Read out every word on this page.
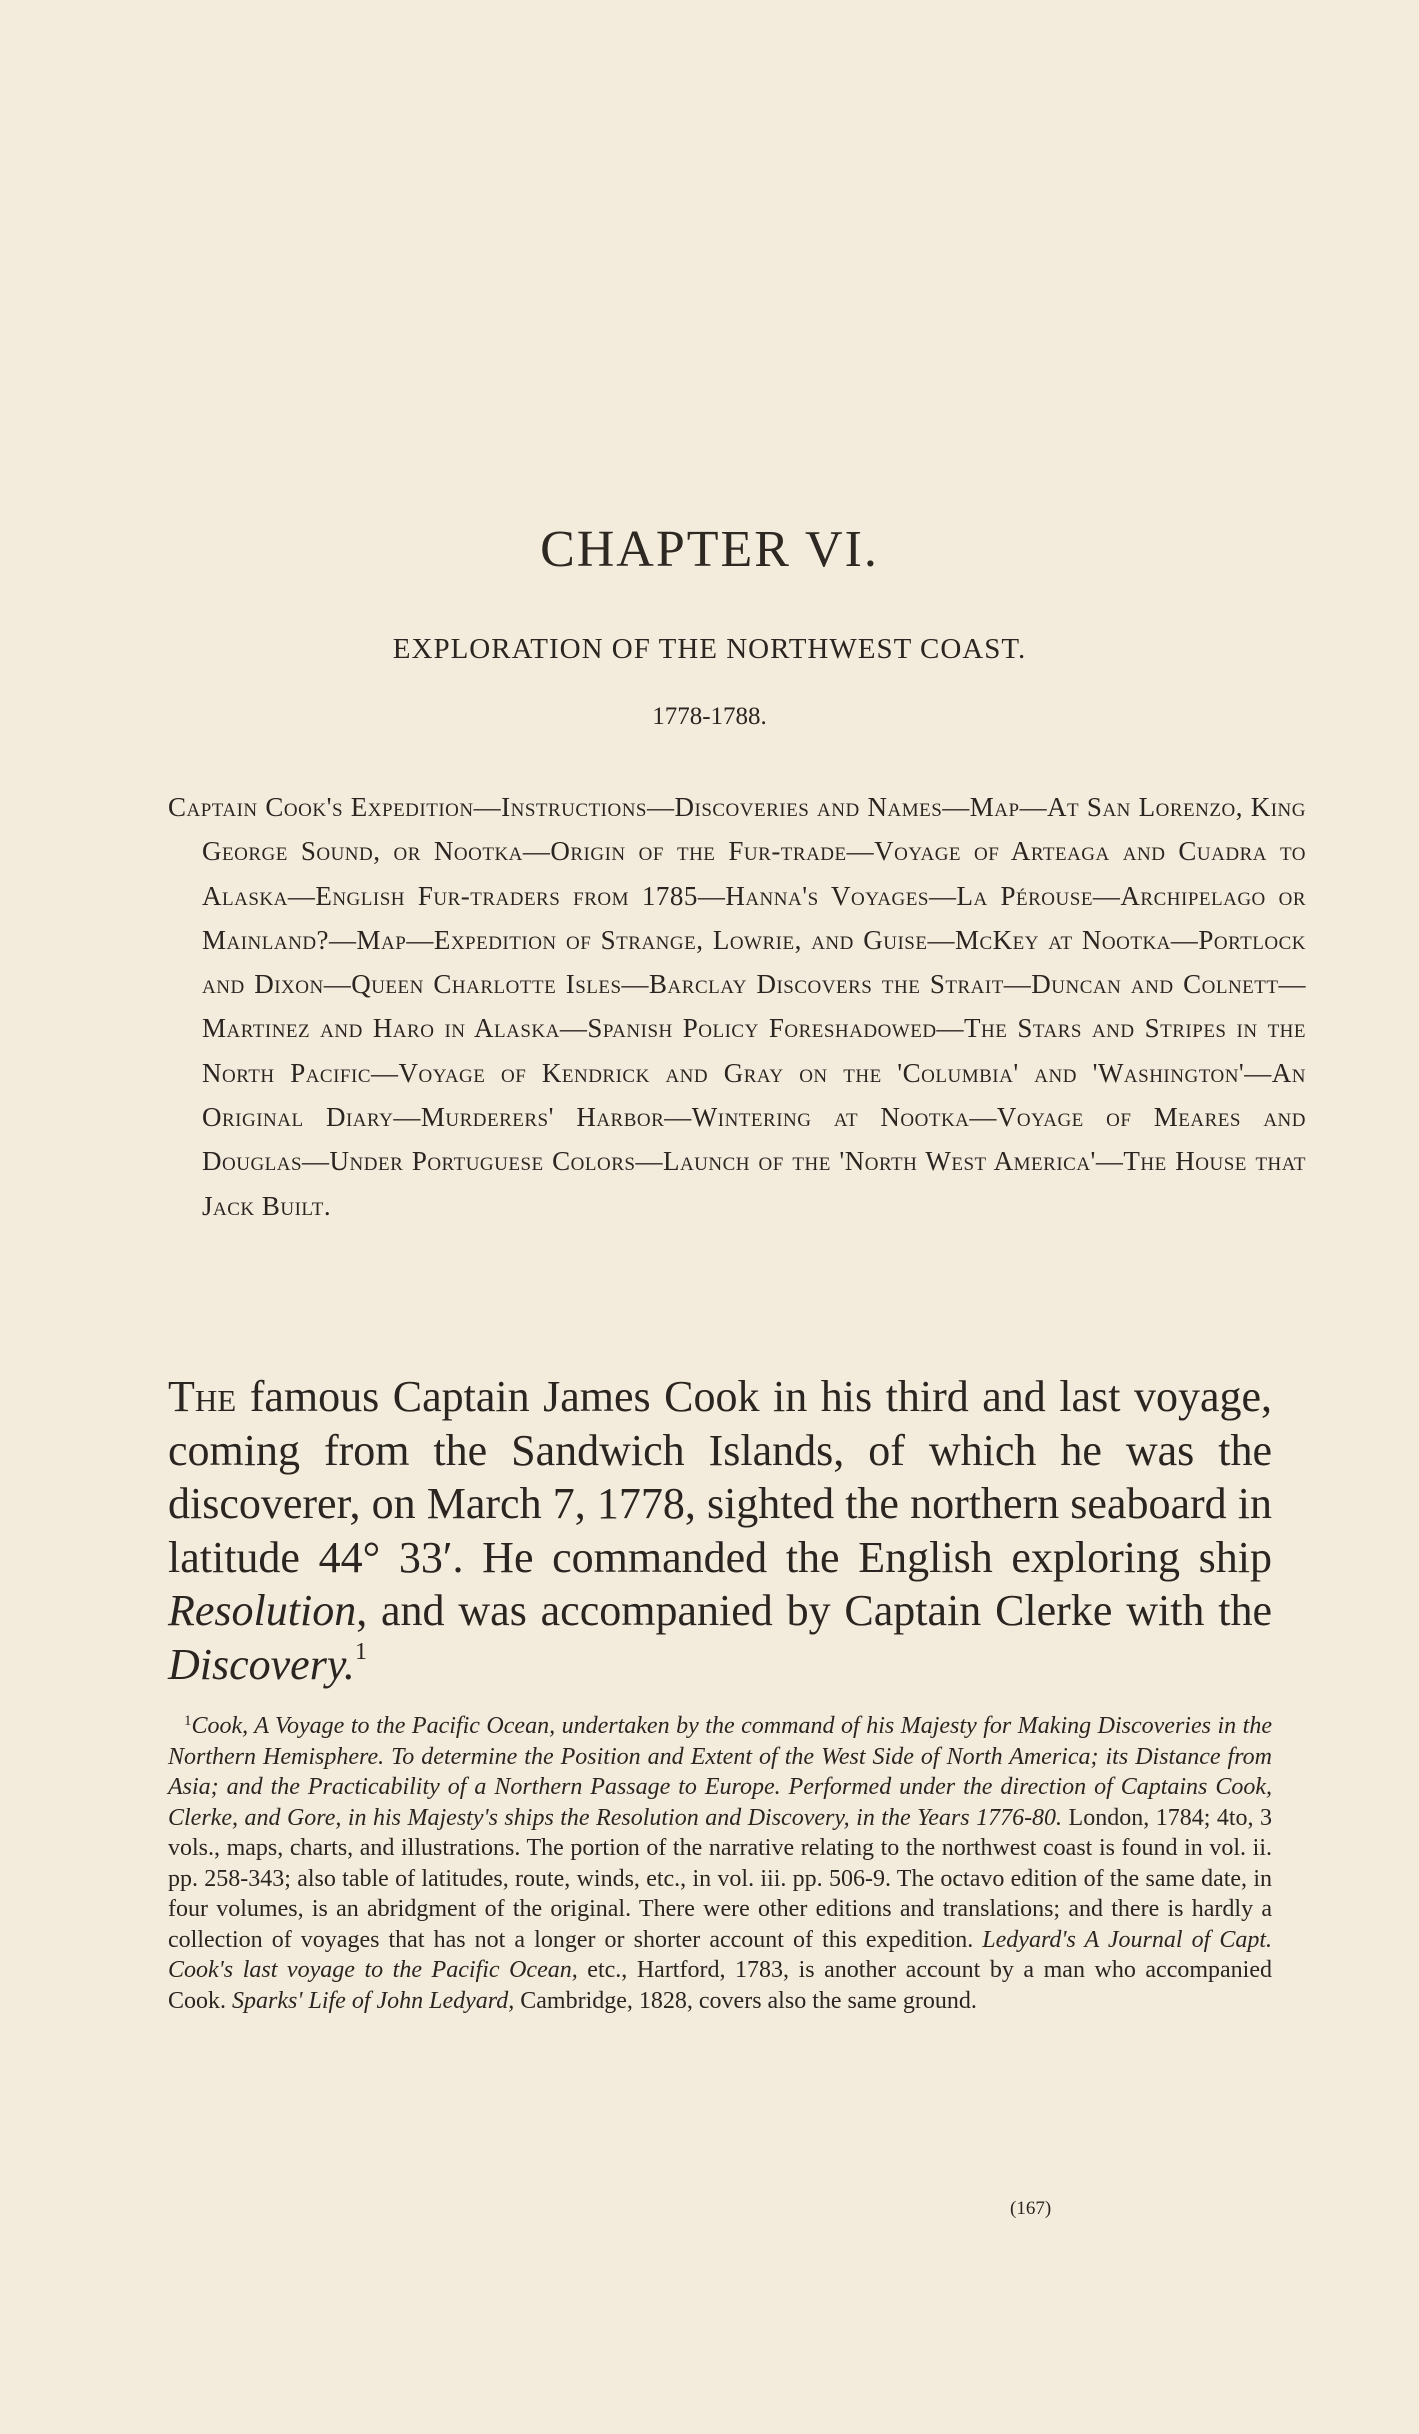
CHAPTER VI.
EXPLORATION OF THE NORTHWEST COAST.
1778-1788.
Captain Cook's Expedition—Instructions—Discoveries and Names—Map—At San Lorenzo, King George Sound, or Nootka—Origin of the Fur-trade—Voyage of Arteaga and Cuadra to Alaska—English Fur-traders from 1785—Hanna's Voyages—La Pérouse—Archipelago or Mainland?—Map—Expedition of Strange, Lowrie, and Guise—McKey at Nootka—Portlock and Dixon—Queen Charlotte Isles—Barclay Discovers the Strait—Duncan and Colnett—Martinez and Haro in Alaska—Spanish Policy Foreshadowed—The Stars and Stripes in the North Pacific—Voyage of Kendrick and Gray on the 'Columbia' and 'Washington'—An Original Diary—Murderers' Harbor—Wintering at Nootka—Voyage of Meares and Douglas—Under Portuguese Colors—Launch of the 'North West America'—The House that Jack Built.
The famous Captain James Cook in his third and last voyage, coming from the Sandwich Islands, of which he was the discoverer, on March 7, 1778, sighted the northern seaboard in latitude 44° 33′. He commanded the English exploring ship Resolution, and was accompanied by Captain Clerke with the Discovery.$^1$
$^1$Cook, A Voyage to the Pacific Ocean, undertaken by the command of his Majesty for Making Discoveries in the Northern Hemisphere. To determine the Position and Extent of the West Side of North America; its Distance from Asia; and the Practicability of a Northern Passage to Europe. Performed under the direction of Captains Cook, Clerke, and Gore, in his Majesty's ships the Resolution and Discovery, in the Years 1776-80. London, 1784; 4to, 3 vols., maps, charts, and illustrations. The portion of the narrative relating to the northwest coast is found in vol. ii. pp. 258-343; also table of latitudes, route, winds, etc., in vol. iii. pp. 506-9. The octavo edition of the same date, in four volumes, is an abridgment of the original. There were other editions and translations; and there is hardly a collection of voyages that has not a longer or shorter account of this expedition. Ledyard's A Journal of Capt. Cook's last voyage to the Pacific Ocean, etc., Hartford, 1783, is another account by a man who accompanied Cook. Sparks' Life of John Ledyard, Cambridge, 1828, covers also the same ground.
(167)
